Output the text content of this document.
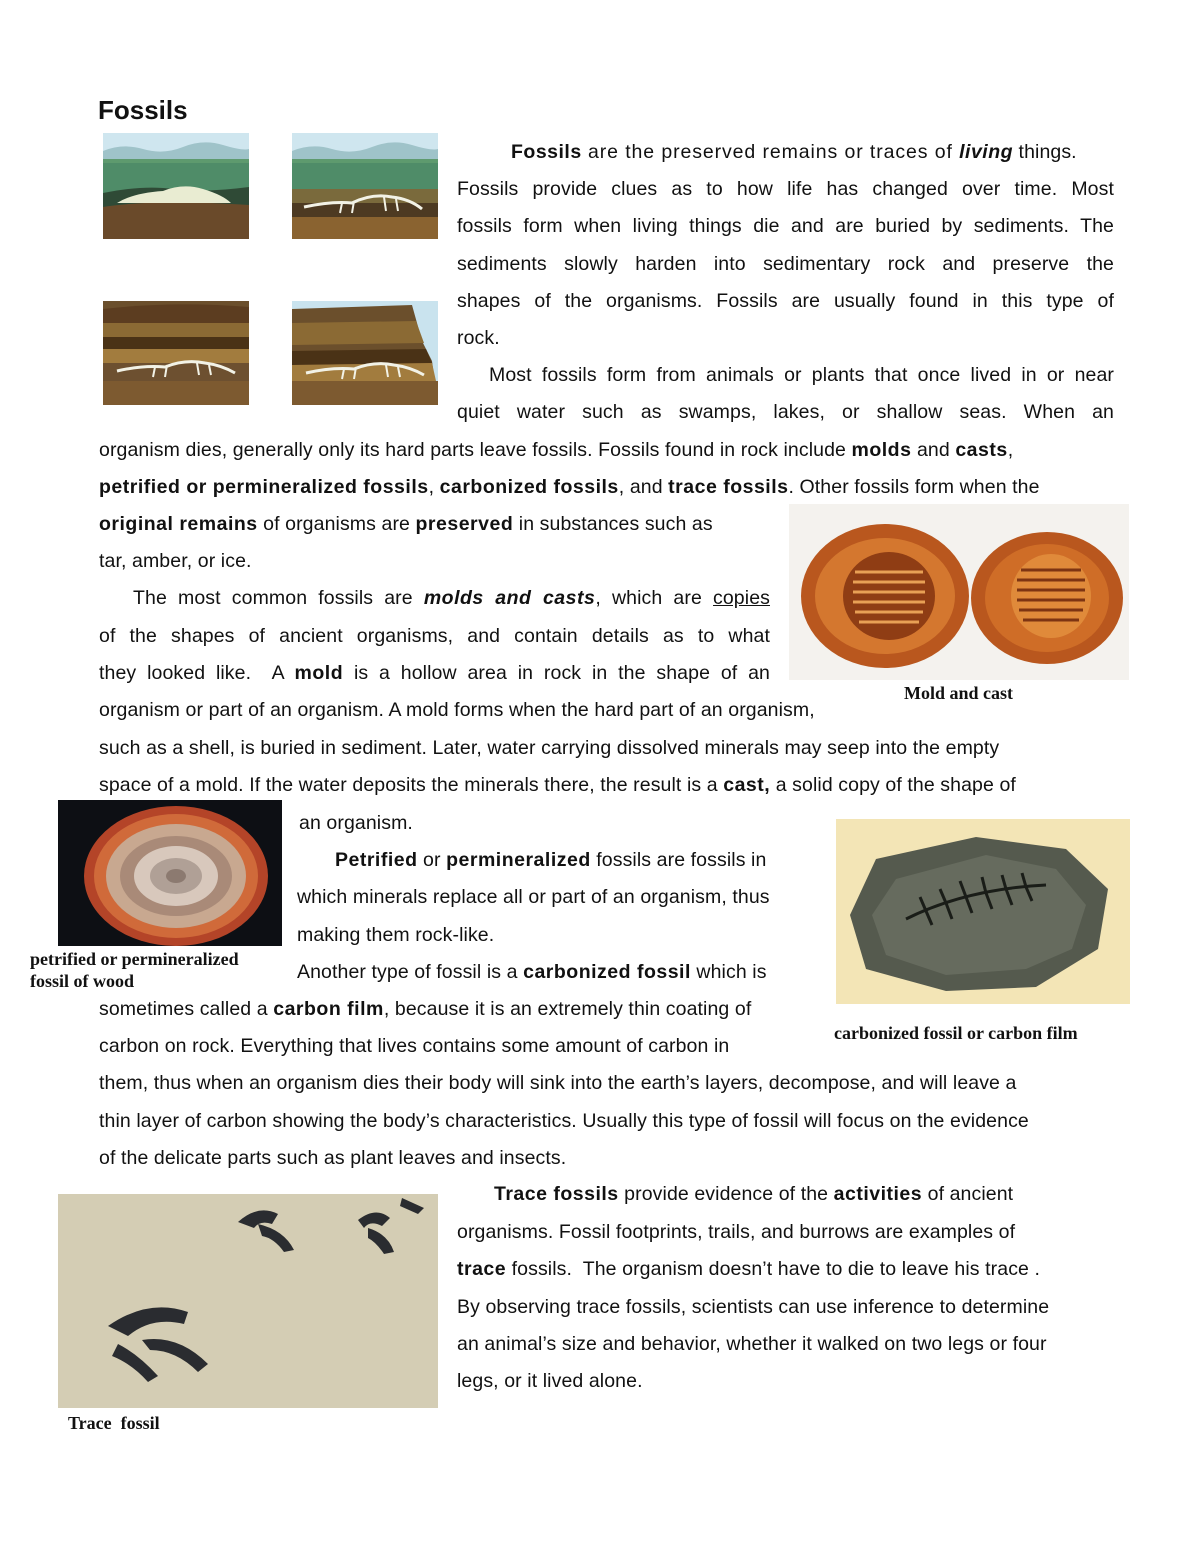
Fossils
Fossils are the preserved remains or traces of living things.
Fossils provide clues as to how life has changed over time. Most
fossils form when living things die and are buried by sediments. The
sediments slowly harden into sedimentary rock and preserve the
shapes of the organisms. Fossils are usually found in this type of
rock.
Most fossils form from animals or plants that once lived in or near
quiet water such as swamps, lakes, or shallow seas. When an
organism dies, generally only its hard parts leave fossils. Fossils found in rock include molds and casts,
petrified or permineralized fossils, carbonized fossils, and trace fossils. Other fossils form when the
original remains of organisms are preserved in substances such as
tar, amber, or ice.
Mold and cast
The most common fossils are molds and casts, which are copies
of the shapes of ancient organisms, and contain details as to what
they looked like.  A mold is a hollow area in rock in the shape of an
organism or part of an organism. A mold forms when the hard part of an organism,
such as a shell, is buried in sediment. Later, water carrying dissolved minerals may seep into the empty
space of a mold. If the water deposits the minerals there, the result is a cast, a solid copy of the shape of
an organism.
petrified or permineralized
fossil of wood
Petrified or permineralized fossils are fossils in
which minerals replace all or part of an organism, thus
making them rock-like.
carbonized fossil or carbon film
Another type of fossil is a carbonized fossil which is
sometimes called a carbon film, because it is an extremely thin coating of
carbon on rock. Everything that lives contains some amount of carbon in
them, thus when an organism dies their body will sink into the earth’s layers, decompose, and will leave a
thin layer of carbon showing the body’s characteristics. Usually this type of fossil will focus on the evidence
of the delicate parts such as plant leaves and insects.
Trace  fossil
Trace fossils provide evidence of the activities of ancient
organisms. Fossil footprints, trails, and burrows are examples of
trace fossils.  The organism doesn’t have to die to leave his trace .
By observing trace fossils, scientists can use inference to determine
an animal’s size and behavior, whether it walked on two legs or four
legs, or it lived alone.
